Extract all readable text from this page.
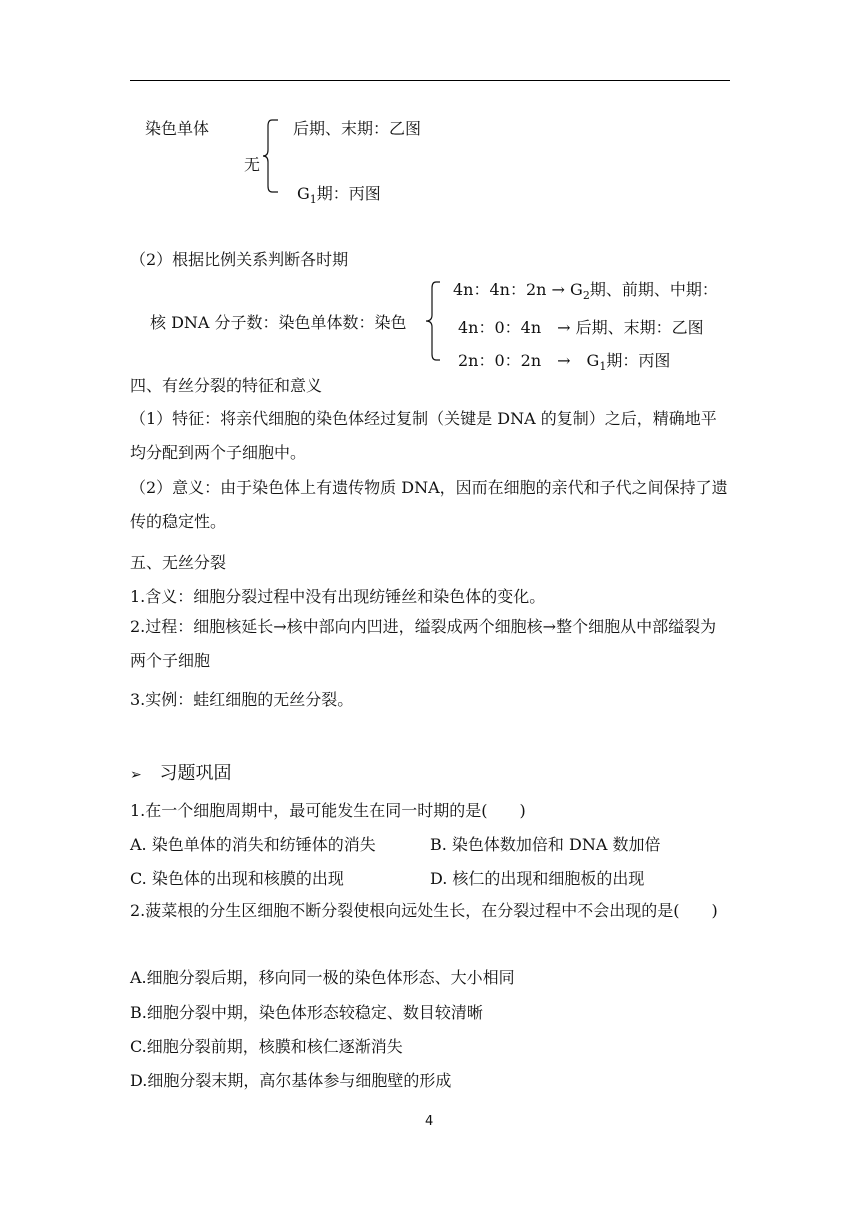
染色单体
无
后期、末期：乙图
$G_1$期：丙图
（2）根据比例关系判断各时期
核 DNA 分子数：染色单体数：染色
4n：4n：$2n \to G_2$期、前期、中期：
4n：0：4n　→ 后期、末期：乙图
2n：0：2n　→　$G_1$期：丙图
四、有丝分裂的特征和意义
（1）特征：将亲代细胞的染色体经过复制（关键是 DNA 的复制）之后，精确地平均分配到两个子细胞中。
（2）意义：由于染色体上有遗传物质 DNA，因而在细胞的亲代和子代之间保持了遗传的稳定性。
五、无丝分裂
1.含义：细胞分裂过程中没有出现纺锤丝和染色体的变化。
2.过程：细胞核延长→核中部向内凹进，缢裂成两个细胞核→整个细胞从中部缢裂为两个子细胞
3.实例：蛙红细胞的无丝分裂。
➢ 习题巩固
1.在一个细胞周期中，最可能发生在同一时期的是(　　)
A. 染色单体的消失和纺锤体的消失	B. 染色体数加倍和 DNA 数加倍
C. 染色体的出现和核膜的出现	D. 核仁的出现和细胞板的出现
2.菠菜根的分生区细胞不断分裂使根向远处生长，在分裂过程中不会出现的是(　　)
A.细胞分裂后期，移向同一极的染色体形态、大小相同
B.细胞分裂中期，染色体形态较稳定、数目较清晰
C.细胞分裂前期，核膜和核仁逐渐消失
D.细胞分裂末期，高尔基体参与细胞壁的形成
4
